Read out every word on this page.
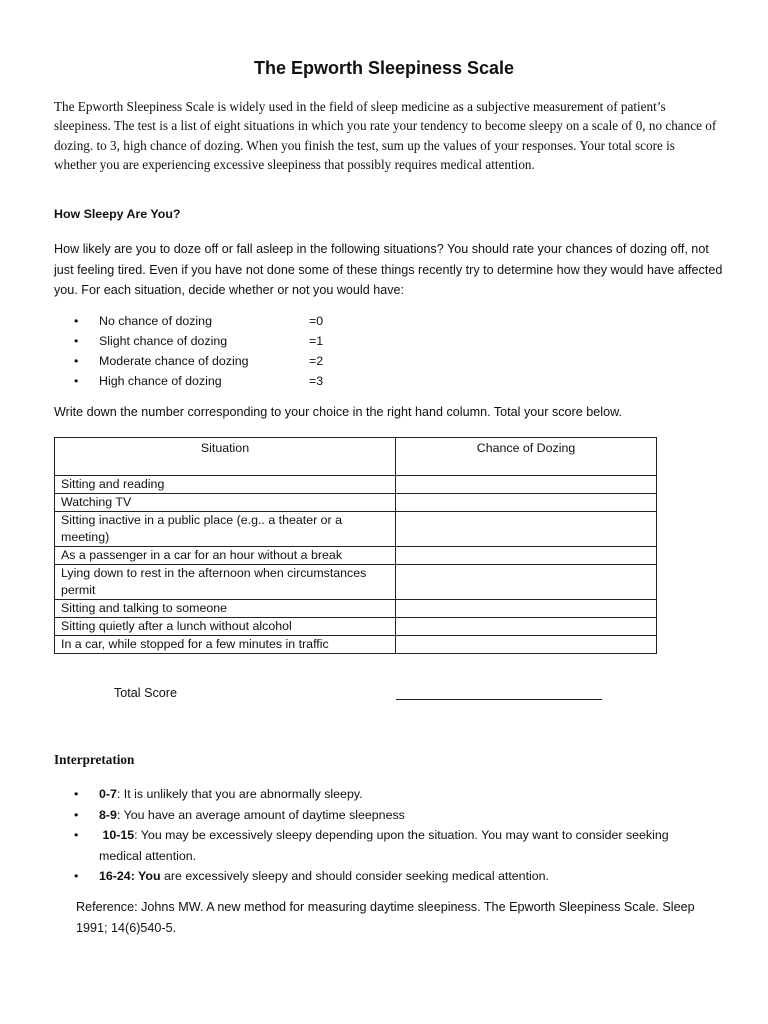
The Epworth Sleepiness Scale

The Epworth Sleepiness Scale is widely used in the field of sleep medicine as a subjective measurement of patient’s sleepiness. The test is a list of eight situations in which you rate your tendency to become sleepy on a scale of 0, no chance of dozing. to 3, high chance of dozing. When you finish the test, sum up the values of your responses. Your total score is whether you are experiencing excessive sleepiness that possibly requires medical attention.

How Sleepy Are You?

How likely are you to doze off or fall asleep in the following situations? You should rate your chances of dozing off, not just feeling tired. Even if you have not done some of these things recently try to determine how they would have affected you. For each situation, decide whether or not you would have:

• No chance of dozing	=0
• Slight chance of dozing	=1
• Moderate chance of dozing	=2
• High chance of dozing	=3
Write down the number corresponding to your choice in the right hand column. Total your score below.
Situation	Chance of Dozing
Sitting and reading	
Watching TV	
Sitting inactive in a public place (e.g.. a theater or a meeting)	
As a passenger in a car for an hour without a break	
Lying down to rest in the afternoon when circumstances permit	
Sitting and talking to someone	
Sitting quietly after a lunch without alcohol	
In a car, while stopped for a few minutes in traffic	
Total Score
Interpretation
• 0-7: It is unlikely that you are abnormally sleepy.
• 8-9: You have an average amount of daytime sleepness
• 10-15: You may be excessively sleepy depending upon the situation. You may want to consider seeking medical attention.
• 16-24: You are excessively sleepy and should consider seeking medical attention.

Reference: Johns MW. A new method for measuring daytime sleepiness. The Epworth Sleepiness Scale. Sleep 1991; 14(6)540-5.
